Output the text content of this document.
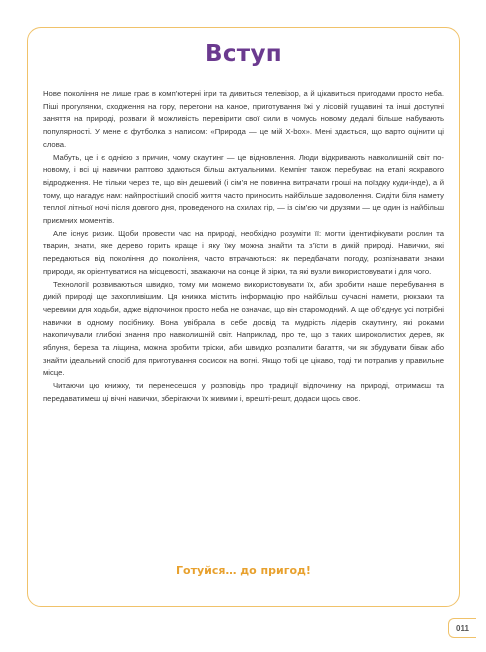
Вступ

Нове покоління не лише грає в комп’ютерні ігри та дивиться телевізор, а й цікавиться пригодами просто неба. Піші прогулянки, сходження на гору, перегони на каное, приготування їжі у лісовій гущавині та інші доступні заняття на природі, розваги й можливість перевірити свої сили в чомусь новому дедалі більше набувають популярності. У мене є футболка з написом: «Природа — це мій X-box». Мені здається, що варто оцінити ці слова.

Мабуть, це і є однією з причин, чому скаутинг — це відновлення. Люди відкривають навколишній світ по-новому, і всі ці навички раптово здаються більш актуальними. Кемпінг також перебуває на етапі яскравого відродження. Не тільки через те, що він дешевий (і сім’я не повинна витрачати гроші на поїздку куди-інде), а й тому, що нагадує нам: найпростіший спосіб життя часто приносить найбільше задоволення. Сидіти біля намету теплої літньої ночі після довгого дня, проведеного на схилах гір, — із сім’єю чи друзями — це один із найбільш приємних моментів.

Але існує ризик. Щоби провести час на природі, необхідно розуміти її: могти ідентифікувати рослин та тварин, знати, яке дерево горить краще і яку їжу можна знайти та з’їсти в дикій природі. Навички, які передаються від покоління до покоління, часто втрачаються: як передбачати погоду, розпізнавати знаки природи, як орієнтуватися на місцевості, зважаючи на сонце й зірки, та які вузли використовувати і для чого.

Технології розвиваються швидко, тому ми можемо використовувати їх, аби зробити наше перебування в дикій природі ще захопливішим. Ця книжка містить інформацію про найбільш сучасні намети, рюкзаки та черевики для ходьби, адже відпочинок просто неба не означає, що він старомодний. А ще об’єднує усі потрібні навички в одному посібнику. Вона увібрала в себе досвід та мудрість лідерів скаутингу, які роками накопичували глибокі знання про навколишній світ. Наприклад, про те, що з таких широколистих дерев, як яблуня, береза та ліщина, можна зробити тріски, аби швидко розпалити багаття, чи як збудувати бівак або знайти ідеальний спосіб для приготування сосисок на вогні. Якщо тобі це цікаво, тоді ти потрапив у правильне місце.

Читаючи цю книжку, ти перенесешся у розповідь про традиції відпочинку на природі, отримаєш та передаватимеш ці вічні навички, зберігаючи їх живими і, врешті-решт, додаси щось своє.

Готуйся… до пригод!

011
